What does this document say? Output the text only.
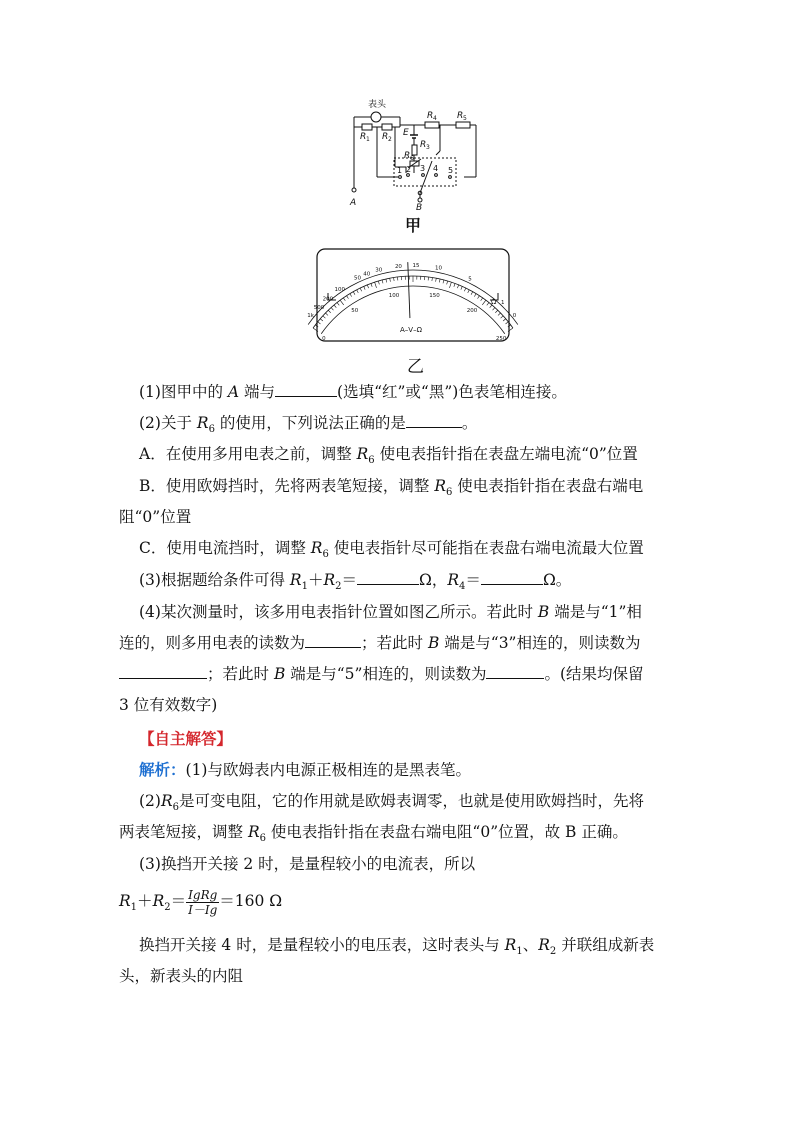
表头
R 1 R 2
R 4 R 5
R 3
R 6
E
1 2 3 4 5
A	B
甲
1k
500
200
100
50
40
30
20 15	10
5
1
0
0
50
100	150
200
250
A–V–Ω
Ω
乙
(1)图甲中的 A 端与	(选填“红”或“黑”)色表笔相连接。
(2)关于 $R_6$ 的使用，下列说法正确的是	。
A．在使用多用电表之前，调整 $R_6$ 使电表指针指在表盘左端电流“0”位置
B．使用欧姆挡时，先将两表笔短接，调整 $R_6$ 使电表指针指在表盘右端电
阻“0”位置
C．使用电流挡时，调整 $R_6$ 使电表指针尽可能指在表盘右端电流最大位置
(3)根据题给条件可得 $R_1+R_2=$	Ω，$R_4=$	Ω。
(4)某次测量时，该多用电表指针位置如图乙所示。若此时 B 端是与“1”相
连的，则多用电表的读数为	；若此时 B 端是与“3”相连的，则读数为
；若此时 B 端是与“5”相连的，则读数为	。(结果均保留
3 位有效数字)
【自主解答】
解析：(1)与欧姆表内电源正极相连的是黑表笔。
$(2)R_6$是可变电阻，它的作用就是欧姆表调零，也就是使用欧姆挡时，先将
两表笔短接，调整 $R_6$ 使电表指针指在表盘右端电阻“0”位置，故 B 正确。
(3)换挡开关接 2 时，是量程较小的电流表，所以
$R_1+R_2= \frac{\text{IgRg}}{I-Ig} =160$ Ω
换挡开关接 4 时，是量程较小的电压表，这时表头与 $R_1$、$R_2$ 并联组成新表
头，新表头的内阻
